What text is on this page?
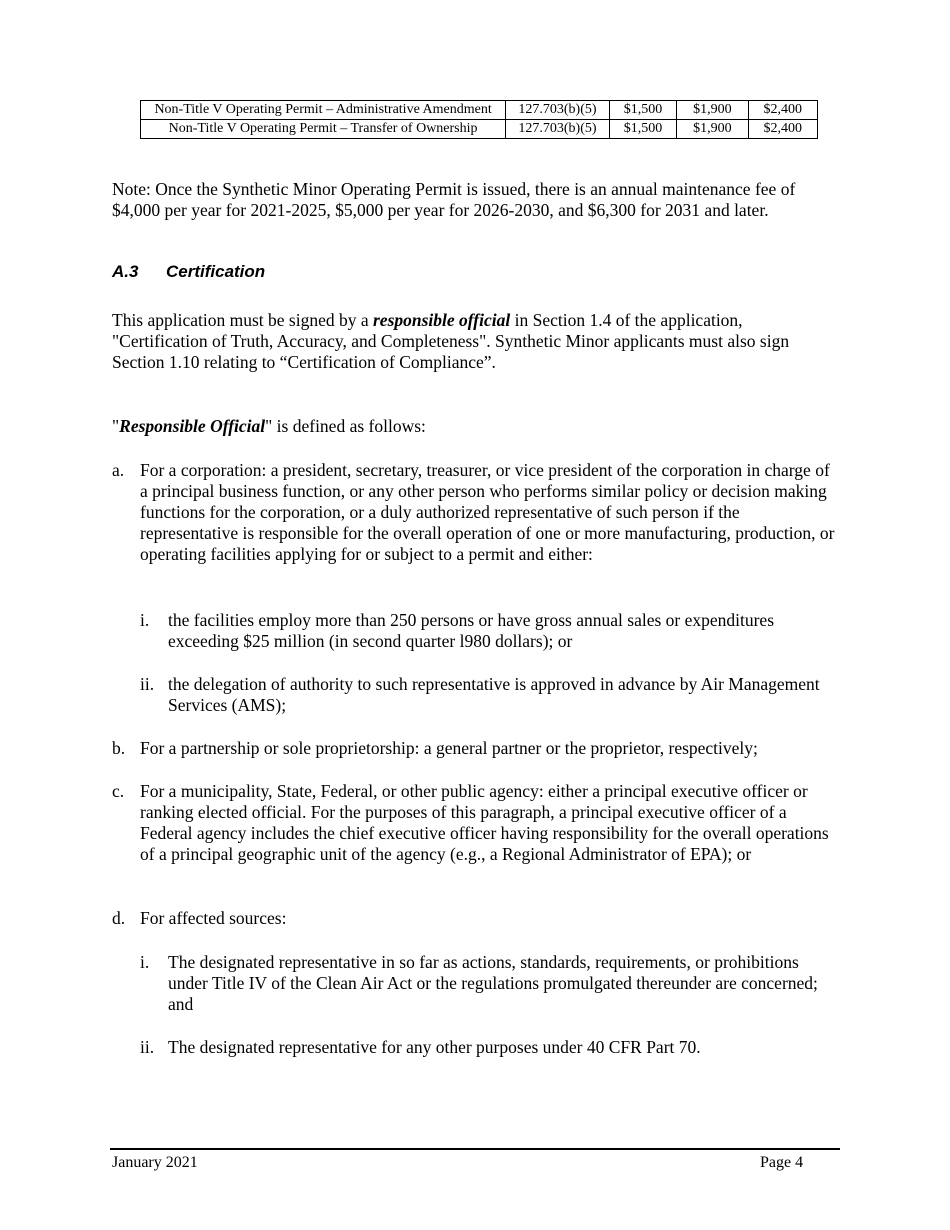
Non-Title V Operating Permit – Administrative Amendment	127.703(b)(5)	$1,500	$1,900	$2,400
Non-Title V Operating Permit – Transfer of Ownership	127.703(b)(5)	$1,500	$1,900	$2,400

Note: Once the Synthetic Minor Operating Permit is issued, there is an annual maintenance fee of $4,000 per year for 2021-2025, $5,000 per year for 2026-2030, and $6,300 for 2031 and later.

A.3 Certification

This application must be signed by a responsible official in Section 1.4 of the application, "Certification of Truth, Accuracy, and Completeness". Synthetic Minor applicants must also sign Section 1.10 relating to “Certification of Compliance”.

"Responsible Official" is defined as follows:

a. For a corporation: a president, secretary, treasurer, or vice president of the corporation in charge of a principal business function, or any other person who performs similar policy or decision making functions for the corporation, or a duly authorized representative of such person if the representative is responsible for the overall operation of one or more manufacturing, production, or operating facilities applying for or subject to a permit and either:
i. the facilities employ more than 250 persons or have gross annual sales or expenditures exceeding $25 million (in second quarter l980 dollars); or
ii. the delegation of authority to such representative is approved in advance by Air Management Services (AMS);
b. For a partnership or sole proprietorship: a general partner or the proprietor, respectively;
c. For a municipality, State, Federal, or other public agency: either a principal executive officer or ranking elected official. For the purposes of this paragraph, a principal executive officer of a Federal agency includes the chief executive officer having responsibility for the overall operations of a principal geographic unit of the agency (e.g., a Regional Administrator of EPA); or
d. For affected sources:
i. The designated representative in so far as actions, standards, requirements, or prohibitions under Title IV of the Clean Air Act or the regulations promulgated thereunder are concerned; and
ii. The designated representative for any other purposes under 40 CFR Part 70.
January 2021	Page 4
